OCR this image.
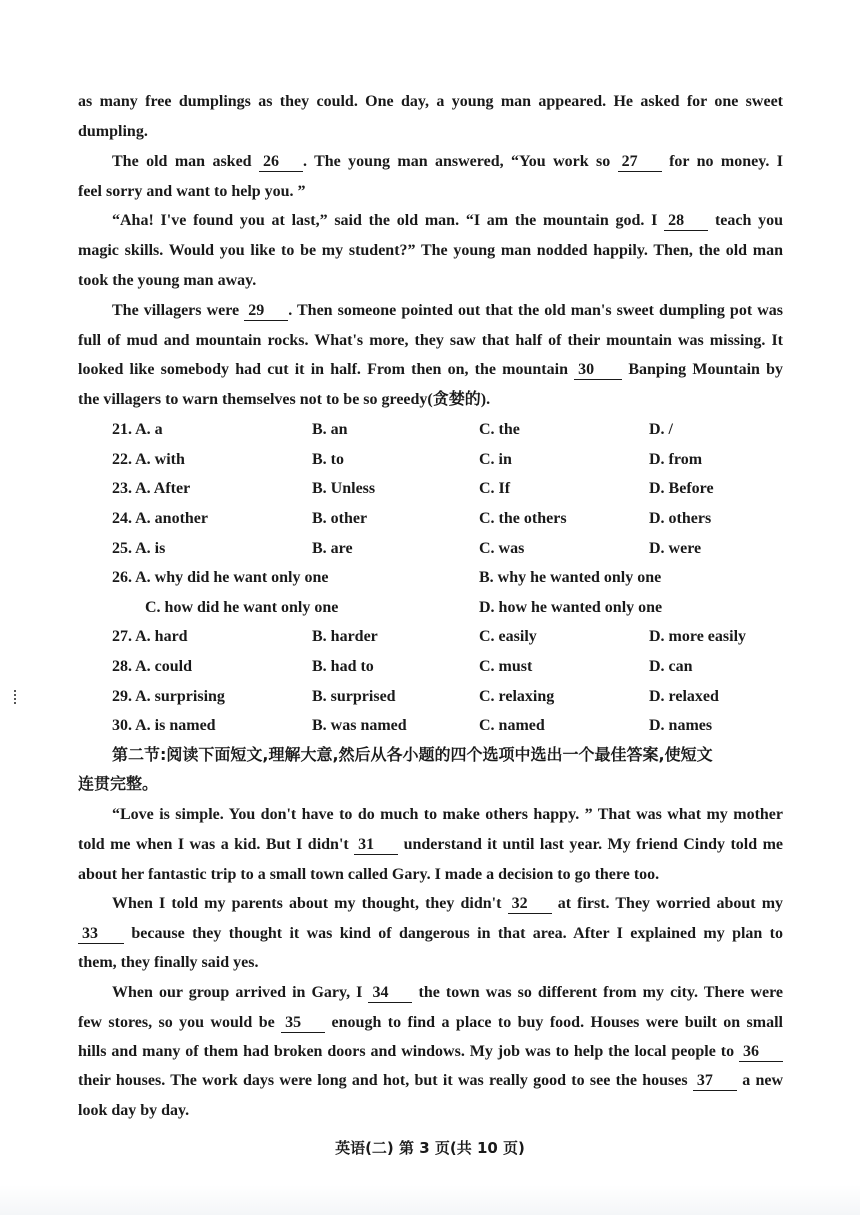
as many free dumplings as they could. One day, a young man appeared. He asked for one sweet
dumpling.
The old man asked 26 . The young man answered, “You work so 27 for no money. I
feel sorry and want to help you. ”
“Aha! I've found you at last,” said the old man. “I am the mountain god. I 28 teach you
magic skills. Would you like to be my student?” The young man nodded happily. Then, the old man
took the young man away.
The villagers were 29 . Then someone pointed out that the old man's sweet dumpling pot was
full of mud and mountain rocks. What's more, they saw that half of their mountain was missing. It
looked like somebody had cut it in half. From then on, the mountain 30 Banping Mountain by
the villagers to warn themselves not to be so greedy(贪婪的).
21. A. a	B. an	C. the	D. /
22. A. with	B. to	C. in	D. from
23. A. After	B. Unless	C. If	D. Before
24. A. another	B. other	C. the others	D. others
25. A. is	B. are	C. was	D. were
26. A. why did he want only one	B. why he wanted only one
C. how did he want only one	D. how he wanted only one
27. A. hard	B. harder	C. easily	D. more easily
28. A. could	B. had to	C. must	D. can
29. A. surprising	B. surprised	C. relaxing	D. relaxed
30. A. is named	B. was named	C. named	D. names
第二节:阅读下面短文,理解大意,然后从各小题的四个选项中选出一个最佳答案,使短文
连贯完整。
“Love is simple. You don't have to do much to make others happy. ” That was what my mother
told me when I was a kid. But I didn't 31 understand it until last year. My friend Cindy told me
about her fantastic trip to a small town called Gary. I made a decision to go there too.
When I told my parents about my thought, they didn't 32 at first. They worried about my
33 because they thought it was kind of dangerous in that area. After I explained my plan to
them, they finally said yes.
When our group arrived in Gary, I 34 the town was so different from my city. There were
few stores, so you would be 35 enough to find a place to buy food. Houses were built on small
hills and many of them had broken doors and windows. My job was to help the local people to 36
their houses. The work days were long and hot, but it was really good to see the houses 37 a new
look day by day.
英语(二) 第 3 页(共 10 页)
